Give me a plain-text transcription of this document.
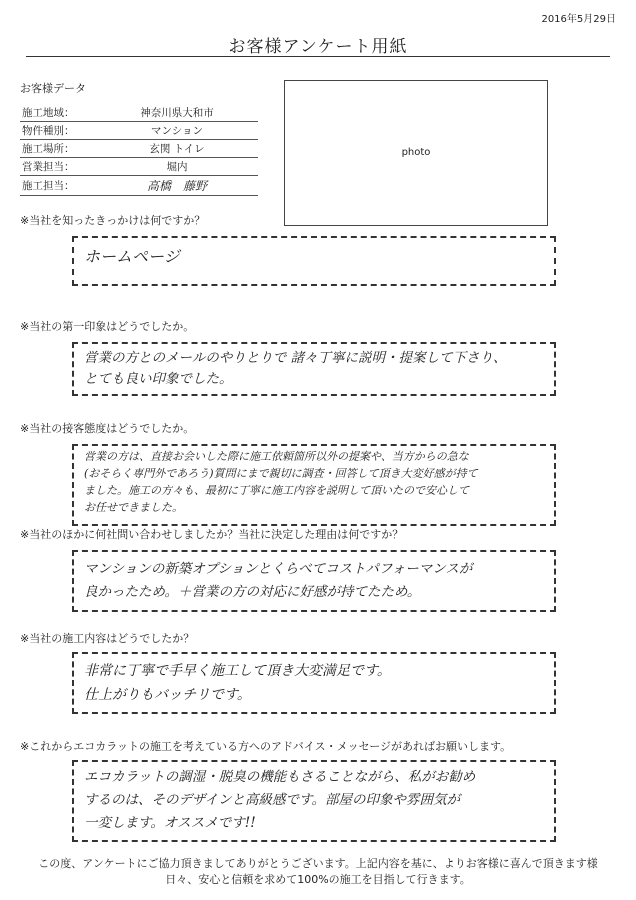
2016年5月29日
お客様アンケート用紙
お客様データ
施工地域：	神奈川県大和市
物件種別：	マンション
施工場所：	玄関 トイレ
営業担当：	堀内
施工担当：	高橋　藤野
photo
※当社を知ったきっかけは何ですか？
ホームページ
※当社の第一印象はどうでしたか。
営業の方とのメールのやりとりで 諸々丁寧に説明・提案して下さり、
とても良い印象でした。
※当社の接客態度はどうでしたか。
営業の方は、直接お会いした際に施工依頼箇所以外の提案や、当方からの急な
(おそらく専門外であろう)質問にまで親切に調査・回答して頂き大変好感が持て
ました。施工の方々も、最初に丁寧に施工内容を説明して頂いたので安心して
お任せできました。
※当社のほかに何社問い合わせしましたか？当社に決定した理由は何ですか？
マンションの新築オプションとくらべてコストパフォーマンスが
良かったため。＋営業の方の対応に好感が持てたため。
※当社の施工内容はどうでしたか？
非常に丁寧で手早く施工して頂き大変満足です。
仕上がりもバッチリです。
※これからエコカラットの施工を考えている方へのアドバイス・メッセージがあればお願いします。
エコカラットの調湿・脱臭の機能もさることながら、私がお勧め
するのは、そのデザインと高級感です。部屋の印象や雰囲気が
一変します。オススメです!!
この度、アンケートにご協力頂きましてありがとうございます。上記内容を基に、よりお客様に喜んで頂きます様
日々、安心と信頼を求めて100%の施工を目指して行きます。
